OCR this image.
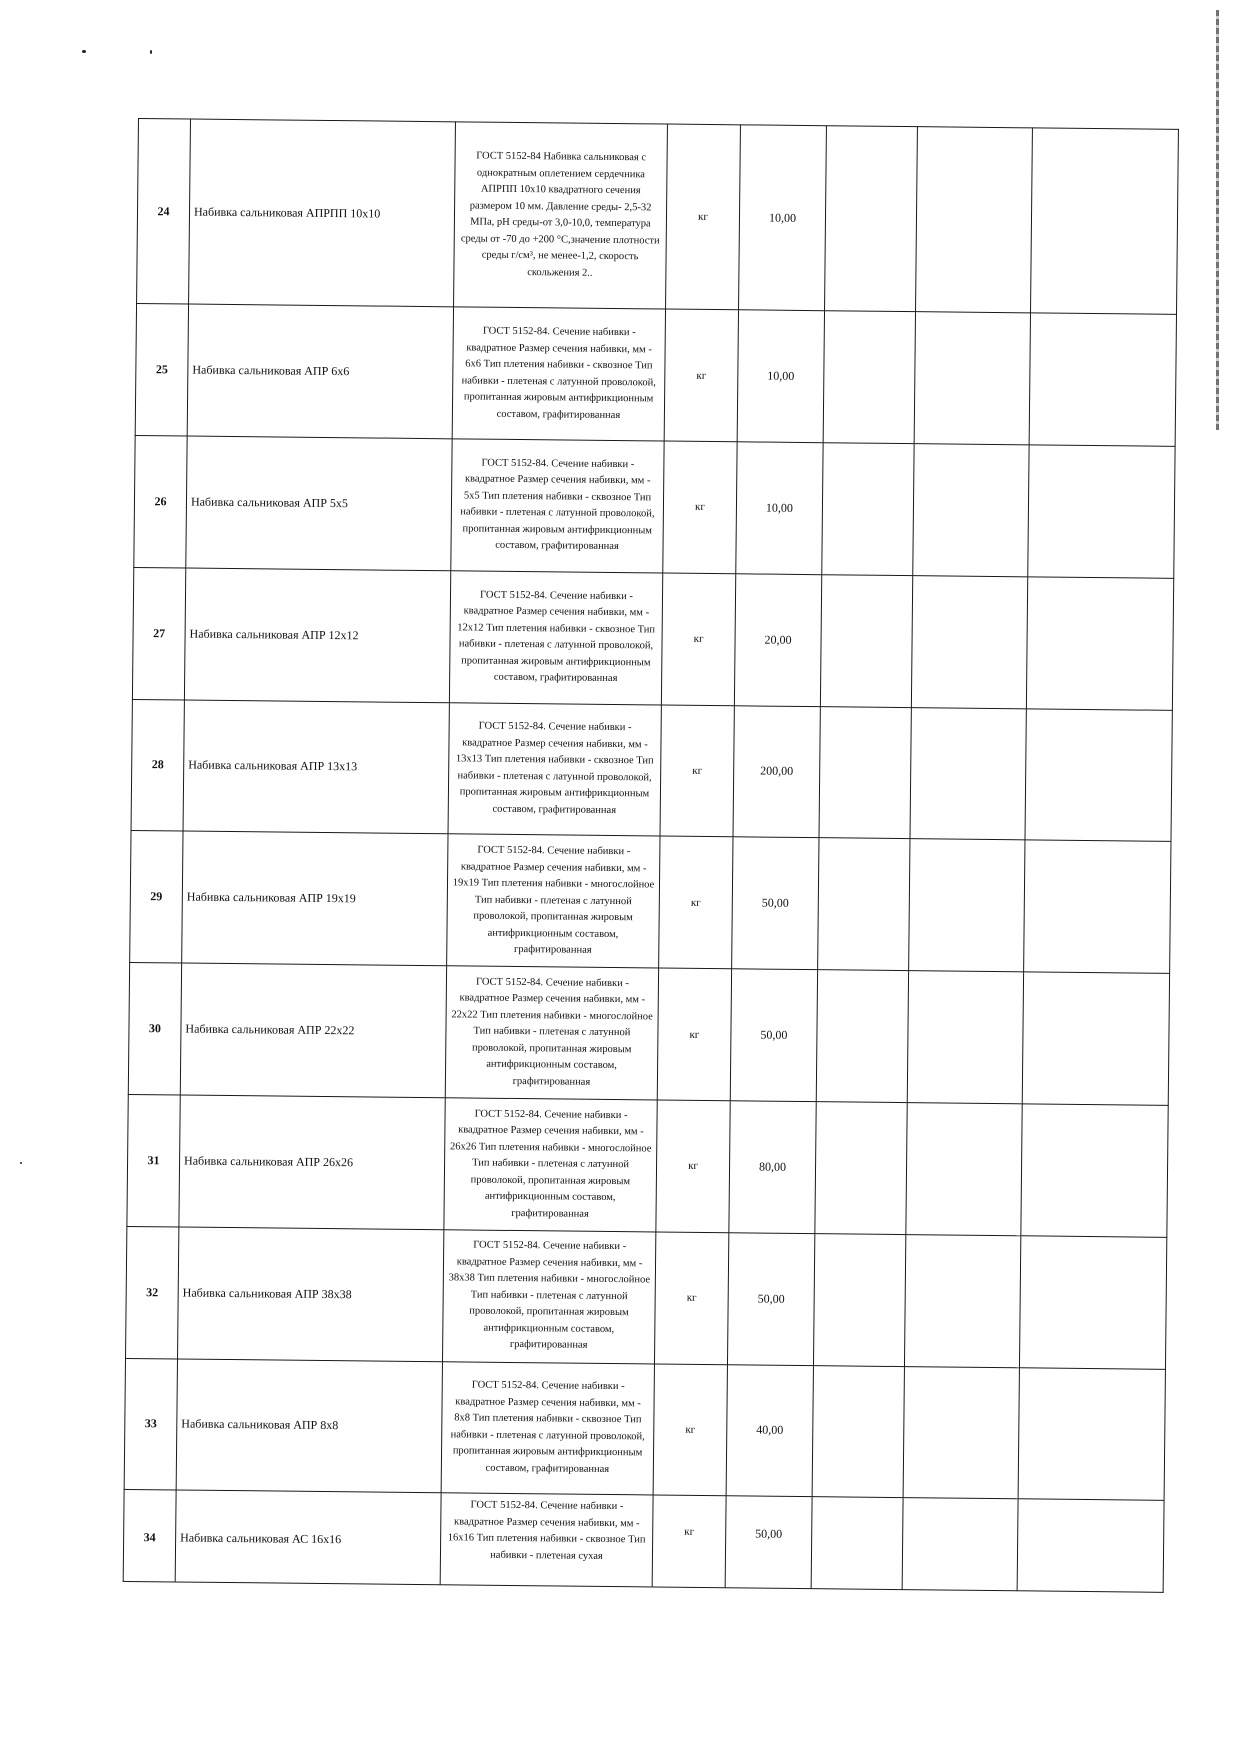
24	Набивка сальниковая АПРПП 10х10	ГОСТ 5152-84 Набивка сальниковая с однократным оплетением сердечника АПРПП 10х10 квадратного сечения размером 10 мм. Давление среды- 2,5-32 МПа, рН среды-от 3,0-10,0, температура среды от -70 до +200 °С,значение плотности среды г/см³, не менее-1,2, скорость скольжения 2..	кг	10,00			
25	Набивка сальниковая АПР 6х6	ГОСТ 5152-84. Сечение набивки - квадратное Размер сечения набивки, мм - 6х6 Тип плетения набивки - сквозное Тип набивки - плетеная с латунной проволокой, пропитанная жировым антифрикционным составом, графитированная	кг	10,00			
26	Набивка сальниковая АПР 5х5	ГОСТ 5152-84. Сечение набивки - квадратное Размер сечения набивки, мм - 5х5 Тип плетения набивки - сквозное Тип набивки - плетеная с латунной проволокой, пропитанная жировым антифрикционным составом, графитированная	кг	10,00			
27	Набивка сальниковая АПР 12х12	ГОСТ 5152-84. Сечение набивки - квадратное Размер сечения набивки, мм - 12х12 Тип плетения набивки - сквозное Тип набивки - плетеная с латунной проволокой, пропитанная жировым антифрикционным составом, графитированная	кг	20,00			
28	Набивка сальниковая АПР 13х13	ГОСТ 5152-84. Сечение набивки - квадратное Размер сечения набивки, мм - 13х13 Тип плетения набивки - сквозное Тип набивки - плетеная с латунной проволокой, пропитанная жировым антифрикционным составом, графитированная	кг	200,00			
29	Набивка сальниковая АПР 19х19	ГОСТ 5152-84. Сечение набивки - квадратное Размер сечения набивки, мм - 19х19 Тип плетения набивки - многослойное Тип набивки - плетеная с латунной проволокой, пропитанная жировым антифрикционным составом, графитированная	кг	50,00			
30	Набивка сальниковая АПР 22х22	ГОСТ 5152-84. Сечение набивки - квадратное Размер сечения набивки, мм - 22х22 Тип плетения набивки - многослойное Тип набивки - плетеная с латунной проволокой, пропитанная жировым антифрикционным составом, графитированная	кг	50,00			
31	Набивка сальниковая АПР 26х26	ГОСТ 5152-84. Сечение набивки - квадратное Размер сечения набивки, мм - 26х26 Тип плетения набивки - многослойное Тип набивки - плетеная с латунной проволокой, пропитанная жировым антифрикционным составом, графитированная	кг	80,00			
32	Набивка сальниковая АПР 38х38	ГОСТ 5152-84. Сечение набивки - квадратное Размер сечения набивки, мм - 38х38 Тип плетения набивки - многослойное Тип набивки - плетеная с латунной проволокой, пропитанная жировым антифрикционным составом, графитированная	кг	50,00			
33	Набивка сальниковая АПР 8х8	ГОСТ 5152-84. Сечение набивки - квадратное Размер сечения набивки, мм - 8х8 Тип плетения набивки - сквозное Тип набивки - плетеная с латунной проволокой, пропитанная жировым антифрикционным составом, графитированная	кг	40,00			
34	Набивка сальниковая АС 16х16	ГОСТ 5152-84. Сечение набивки - квадратное Размер сечения набивки, мм - 16х16 Тип плетения набивки - сквозное Тип набивки - плетеная сухая	кг	50,00			
